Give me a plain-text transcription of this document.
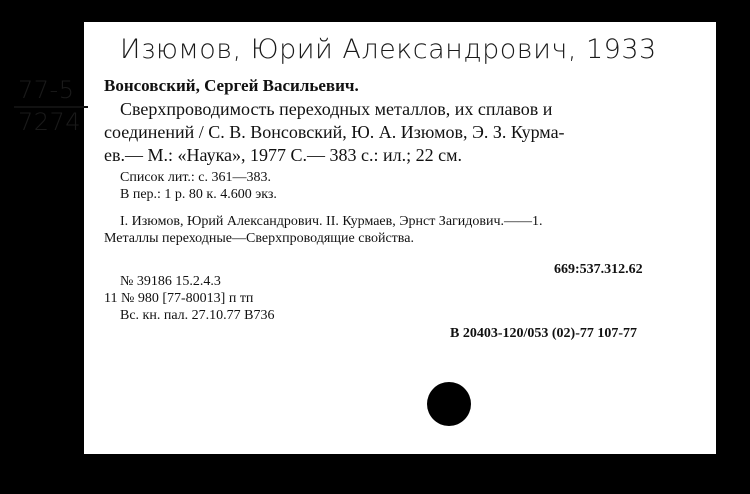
Изюмов, Юрий Александрович, 1933
77-5
7274
Вонсовский, Сергей Васильевич.
Сверхпроводимость переходных металлов, их сплавов и
соединений / С. В. Вонсовский, Ю. А. Изюмов, Э. З. Курма-
ев.— М.: «Наука», 1977 С.— 383 с.: ил.; 22 см.
Список лит.: с. 361—383.
В пер.: 1 р. 80 к. 4.600 экз.
I. Изюмов, Юрий Александрович. II. Курмаев, Эрнст Загидович.——1.
Металлы переходные—Сверхпроводящие свойства.
669:537.312.62
№ 39186 15.2.4.3
11 № 980 [77-80013] п тп
Вс. кн. пал. 27.10.77 В736
В 20403-120/053 (02)-77 107-77
